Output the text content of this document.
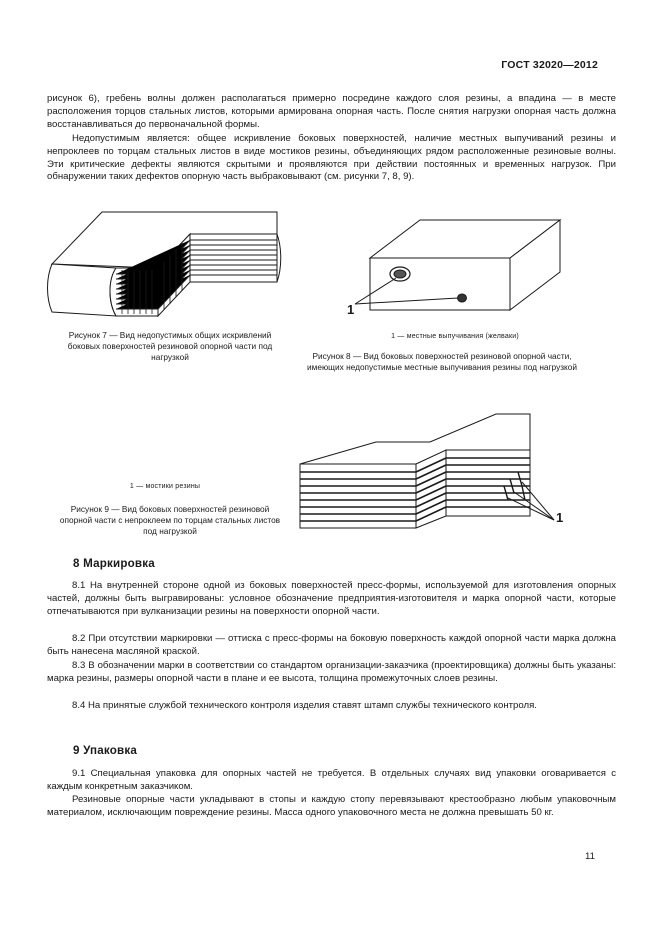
ГОСТ 32020—2012

рисунок 6), гребень волны должен располагаться примерно посредине каждого слоя резины, а впадина — в месте расположения торцов стальных листов, которыми армирована опорная часть. После снятия нагрузки опорная часть должна восстанавливаться до первоначальной формы.

Недопустимым является: общее искривление боковых поверхностей, наличие местных выпучиваний резины и непроклеев по торцам стальных листов в виде мостиков резины, объединяющих рядом расположенные резиновые волны. Эти критические дефекты являются скрытыми и проявляются при действии постоянных и временных нагрузок. При обнаружении таких дефектов опорную часть выбраковывают (см. рисунки 7, 8, 9).

Рисунок 7 — Вид недопустимых общих искривлений боковых поверхностей резиновой опорной части под нагрузкой
1
1 — местные выпучивания (желваки)
Рисунок 8 — Вид боковых поверхностей резиновой опорной части, имеющих недопустимые местные выпучивания резины под нагрузкой
1
1 — мостики резины
Рисунок 9 — Вид боковых поверхностей резиновой опорной части с непроклеем по торцам стальных листов под нагрузкой
8 Маркировка

8.1 На внутренней стороне одной из боковых поверхностей пресс-формы, используемой для изготовления опорных частей, должны быть выгравированы: условное обозначение предприятия-изготовителя и марка опорной части, которые отпечатываются при вулканизации резины на поверхности опорной части.

8.2 При отсутствии маркировки — оттиска с пресс-формы на боковую поверхность каждой опорной части марка должна быть нанесена масляной краской.

8.3 В обозначении марки в соответствии со стандартом организации-заказчика (проектировщика) должны быть указаны: марка резины, размеры опорной части в плане и ее высота, толщина промежуточных слоев резины.

8.4 На принятые службой технического контроля изделия ставят штамп службы технического контроля.

9 Упаковка

9.1 Специальная упаковка для опорных частей не требуется. В отдельных случаях вид упаковки оговаривается с каждым конкретным заказчиком.

Резиновые опорные части укладывают в стопы и каждую стопу перевязывают крестообразно любым упаковочным материалом, исключающим повреждение резины. Масса одного упаковочного места не должна превышать 50 кг.

11
